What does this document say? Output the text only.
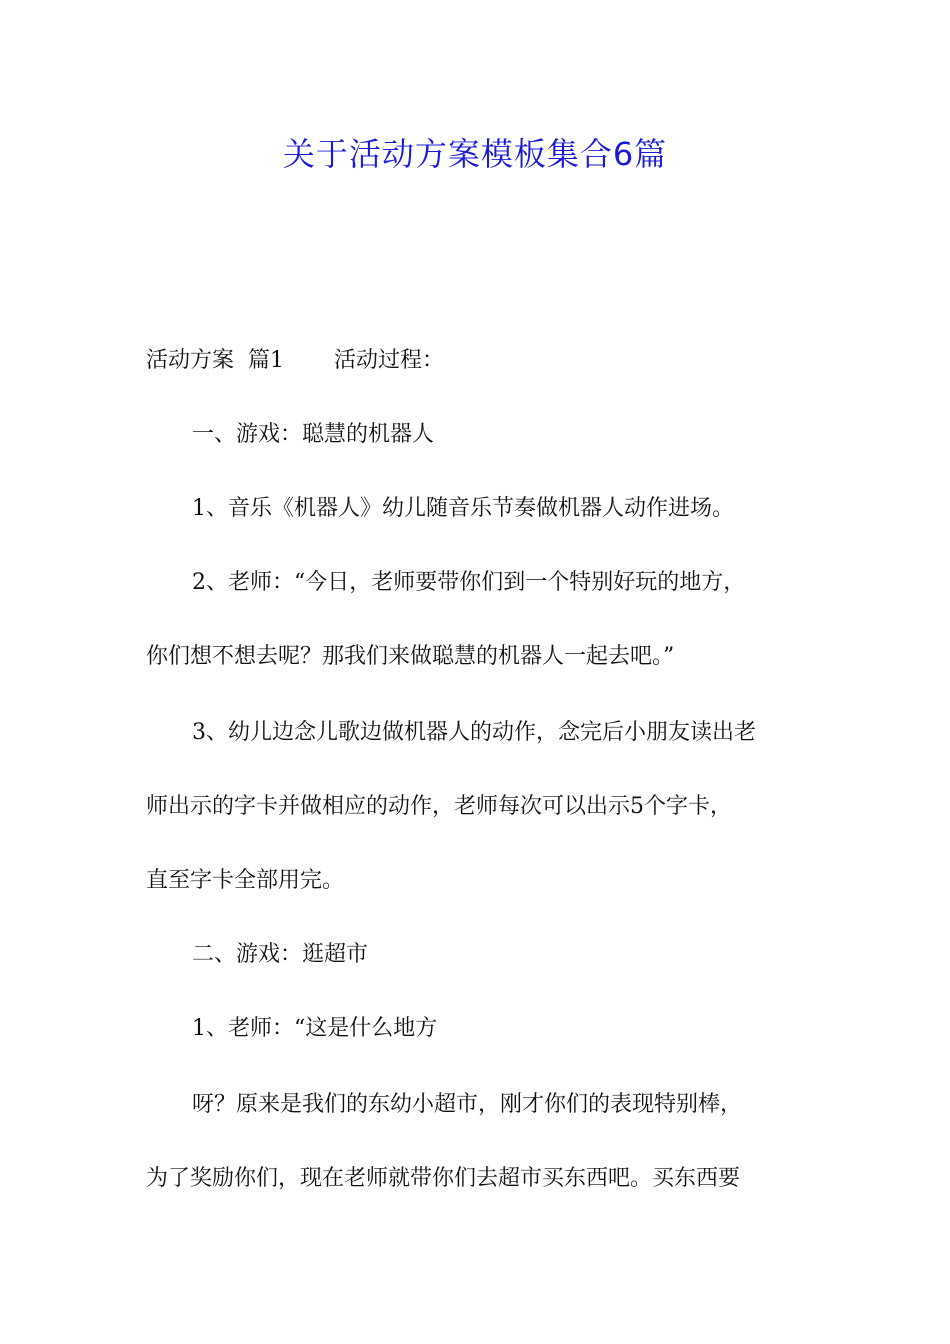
关于活动方案模板集合6篇
活动方案  篇1 活动过程：
一、游戏：聪慧的机器人
1、音乐《机器人》幼儿随音乐节奏做机器人动作进场。
2、老师：“今日，老师要带你们到一个特别好玩的地方，
你们想不想去呢？那我们来做聪慧的机器人一起去吧。”
3、幼儿边念儿歌边做机器人的动作，念完后小朋友读出老
师出示的字卡并做相应的动作，老师每次可以出示5个字卡，
直至字卡全部用完。
二、游戏：逛超市
1、老师：“这是什么地方
呀？原来是我们的东幼小超市，刚才你们的表现特别棒，
为了奖励你们，现在老师就带你们去超市买东西吧。买东西要
